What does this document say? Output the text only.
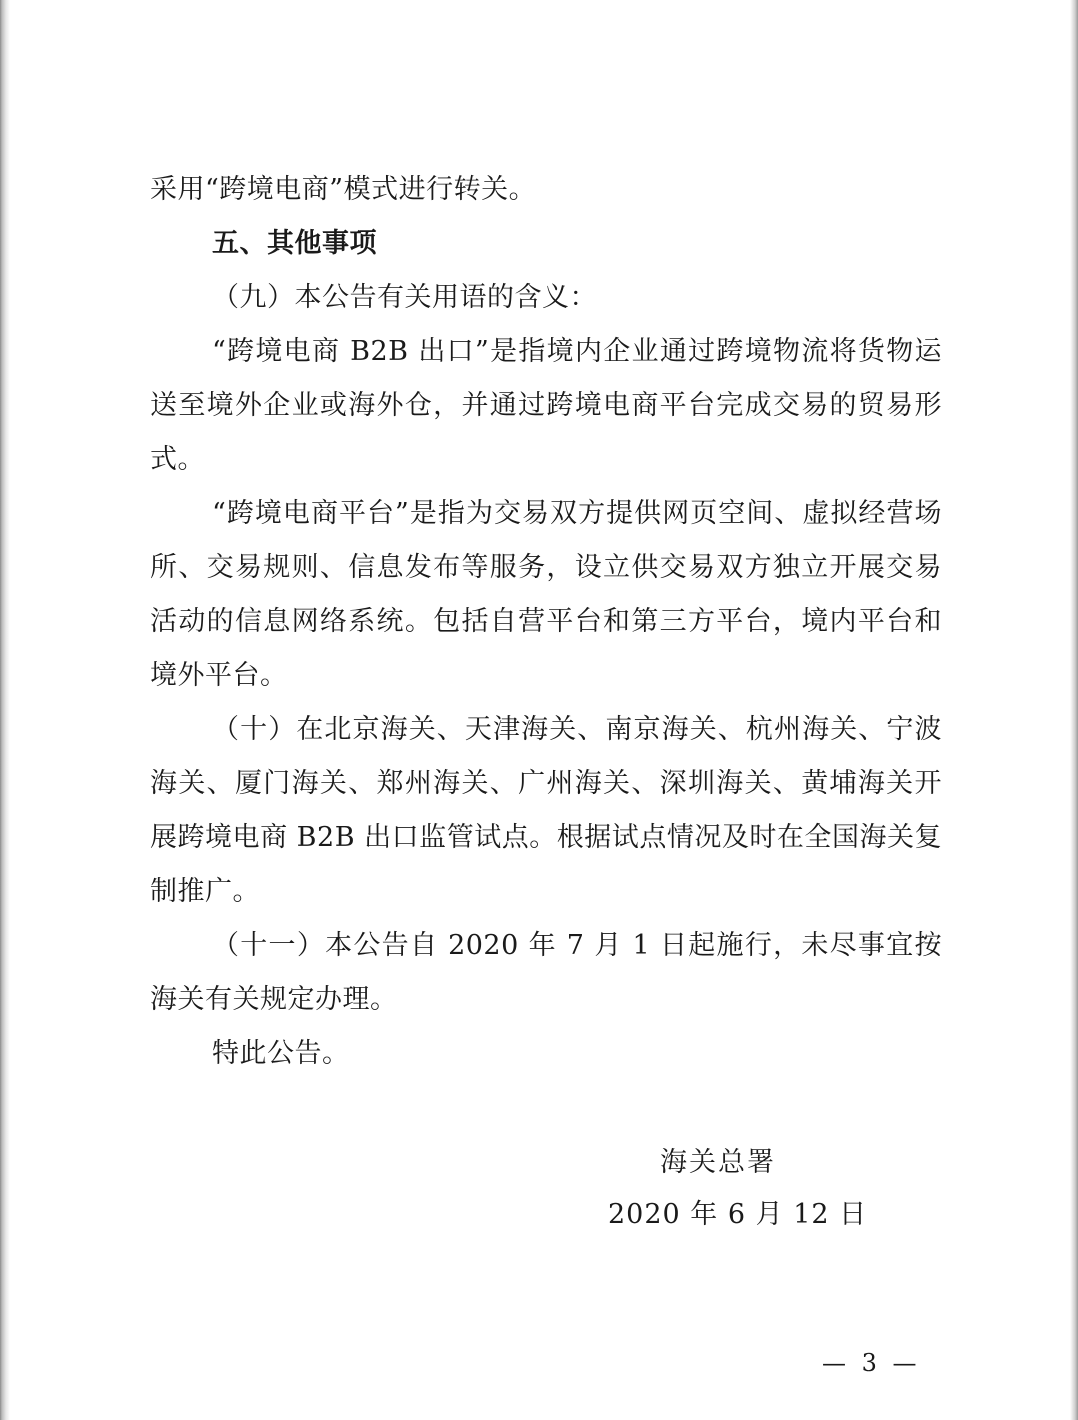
采用“跨境电商”模式进行转关。

五、其他事项

（九）本公告有关用语的含义：

“跨境电商 B2B 出口”是指境内企业通过跨境物流将货物运送至境外企业或海外仓，并通过跨境电商平台完成交易的贸易形式。

“跨境电商平台”是指为交易双方提供网页空间、虚拟经营场所、交易规则、信息发布等服务，设立供交易双方独立开展交易活动的信息网络系统。包括自营平台和第三方平台，境内平台和境外平台。

（十）在北京海关、天津海关、南京海关、杭州海关、宁波海关、厦门海关、郑州海关、广州海关、深圳海关、黄埔海关开展跨境电商 B2B 出口监管试点。根据试点情况及时在全国海关复制推广。

（十一）本公告自 2020 年 7 月 1 日起施行，未尽事宜按海关有关规定办理。

特此公告。

海关总署
2020 年 6 月 12 日
— 3 —
